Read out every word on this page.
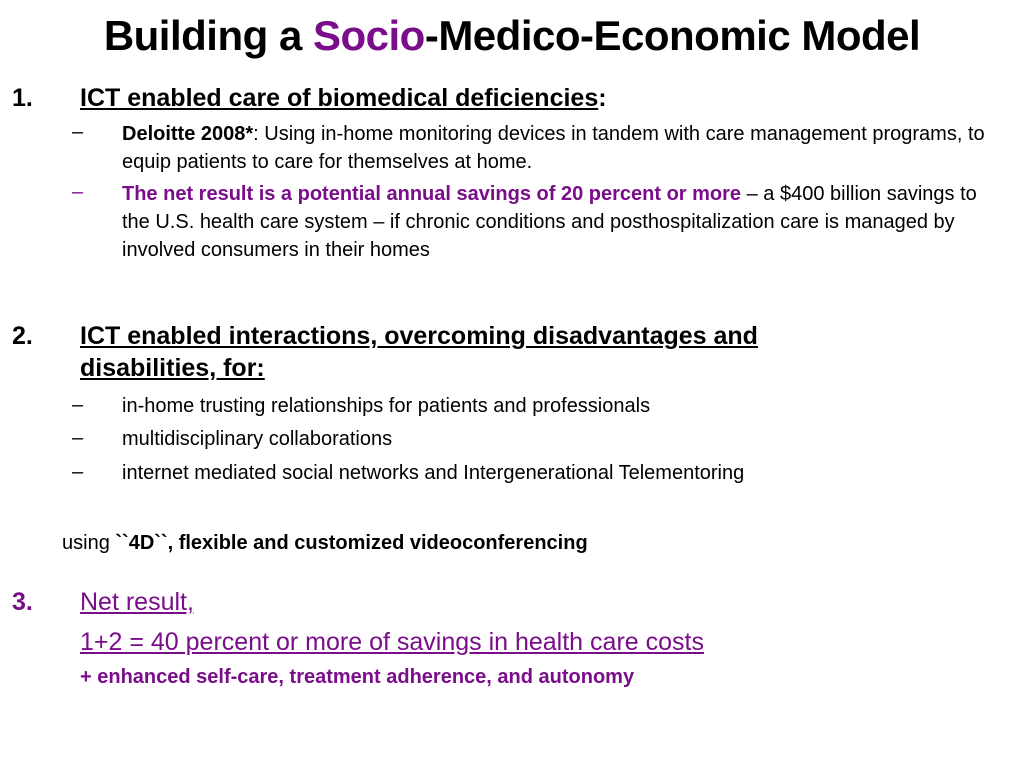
Building a Socio-Medico-Economic Model
1. ICT enabled care of biomedical deficiencies:
– Deloitte 2008*: Using in-home monitoring devices in tandem with care management programs, to equip patients to care for themselves at home.
– The net result is a potential annual savings of 20 percent or more – a $400 billion savings to the U.S. health care system – if chronic conditions and posthospitalization care is managed by involved consumers in their homes
2. ICT enabled interactions, overcoming disadvantages and
disabilities, for:
– in-home trusting relationships for patients and professionals
– multidisciplinary collaborations
– internet mediated social networks and Intergenerational Telementoring
using ``4D``, flexible and customized videoconferencing
3. Net result,
1+2 = 40 percent or more of savings in health care costs
+ enhanced self-care, treatment adherence, and autonomy
